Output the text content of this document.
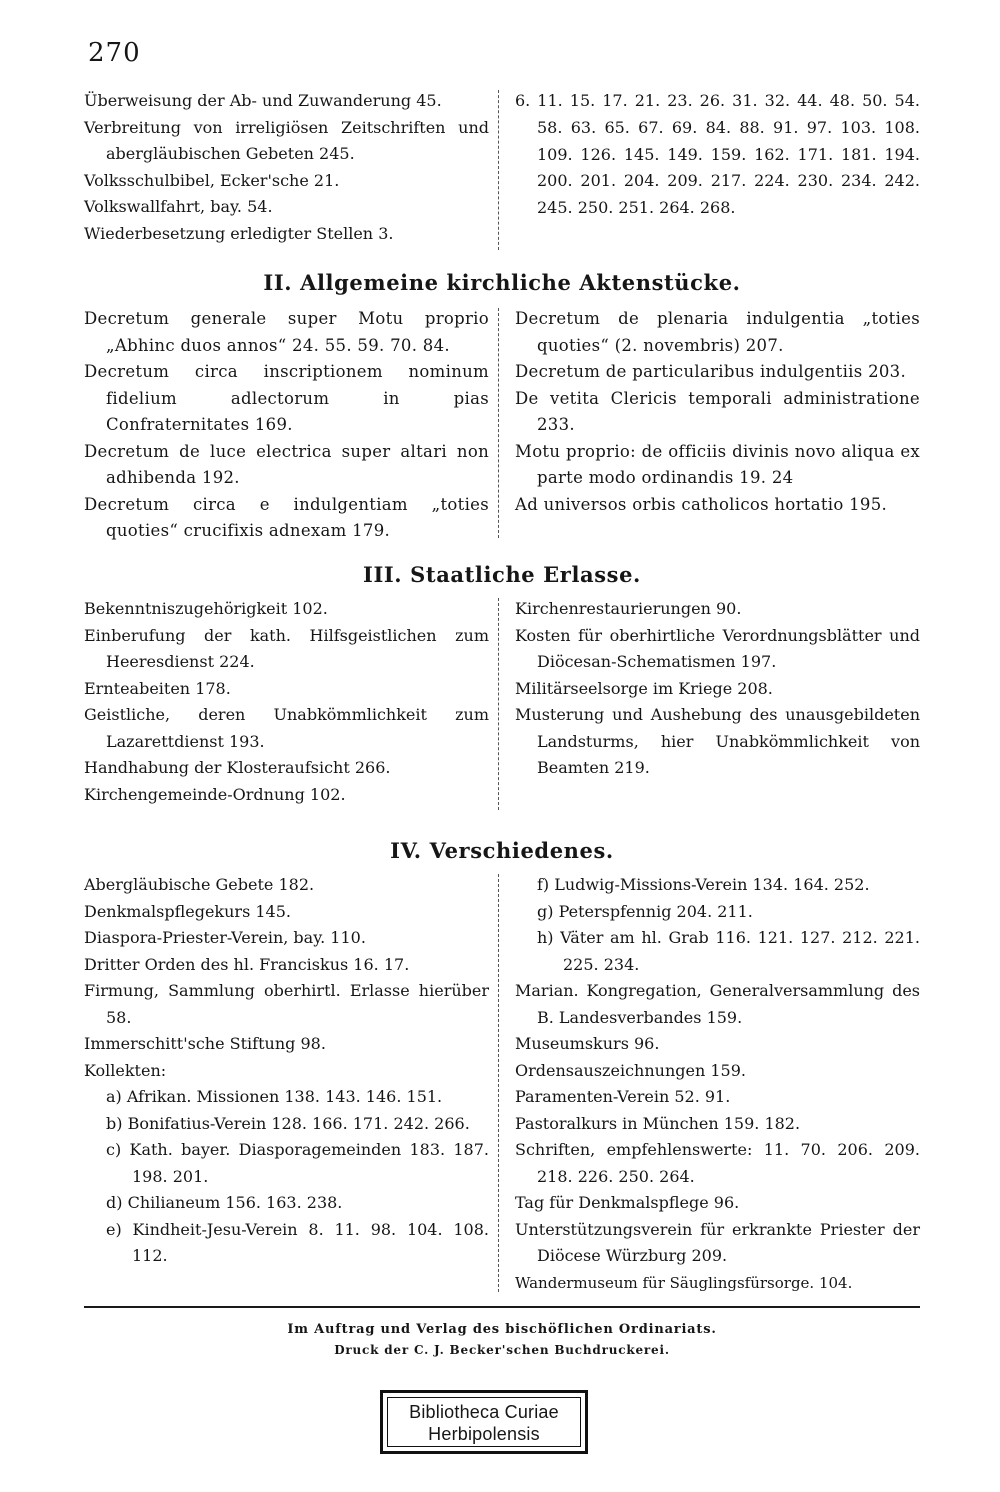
270
Überweisung der Ab- und Zuwanderung 45.
Verbreitung von irreligiösen Zeitschriften und abergläubischen Gebeten 245.
Volksschulbibel, Ecker'sche 21.
Volkswallfahrt, bay. 54.
Wiederbesetzung erledigter Stellen 3.
6. 11. 15. 17. 21. 23. 26. 31. 32. 44. 48. 50. 54. 58. 63. 65. 67. 69. 84. 88. 91. 97. 103. 108. 109. 126. 145. 149. 159. 162. 171. 181. 194. 200. 201. 204. 209. 217. 224. 230. 234. 242. 245. 250. 251. 264. 268.
II. Allgemeine kirchliche Aktenstücke.
Decretum generale super Motu proprio „Abhinc duos annos“ 24. 55. 59. 70. 84.
Decretum circa inscriptionem nominum fidelium adlectorum in pias Confraternitates 169.
Decretum de luce electrica super altari non adhibenda 192.
Decretum circa e indulgentiam „toties quoties“ crucifixis adnexam 179.
Decretum de plenaria indulgentia „toties quoties“ (2. novembris) 207.
Decretum de particularibus indulgentiis 203.
De vetita Clericis temporali administratione 233.
Motu proprio: de officiis divinis novo aliqua ex parte modo ordinandis 19. 24
Ad universos orbis catholicos hortatio 195.
III. Staatliche Erlasse.
Bekenntniszugehörigkeit 102.
Einberufung der kath. Hilfsgeistlichen zum Heeresdienst 224.
Ernteabeiten 178.
Geistliche, deren Unabkömmlichkeit zum Lazarettdienst 193.
Handhabung der Klosteraufsicht 266.
Kirchengemeinde-Ordnung 102.
Kirchenrestaurierungen 90.
Kosten für oberhirtliche Verordnungsblätter und Diöcesan-Schematismen 197.
Militärseelsorge im Kriege 208.
Musterung und Aushebung des unausgebildeten Landsturms, hier Unabkömmlichkeit von Beamten 219.
IV. Verschiedenes.
Abergläubische Gebete 182.
Denkmalspflegekurs 145.
Diaspora-Priester-Verein, bay. 110.
Dritter Orden des hl. Franciskus 16. 17.
Firmung, Sammlung oberhirtl. Erlasse hierüber 58.
Immerschitt'sche Stiftung 98.
Kollekten:
a) Afrikan. Missionen 138. 143. 146. 151.
b) Bonifatius-Verein 128. 166. 171. 242. 266.
c) Kath. bayer. Diasporagemeinden 183. 187. 198. 201.
d) Chilianeum 156. 163. 238.
e) Kindheit-Jesu-Verein 8. 11. 98. 104. 108. 112.
f) Ludwig-Missions-Verein 134. 164. 252.
g) Peterspfennig 204. 211.
h) Väter am hl. Grab 116. 121. 127. 212. 221. 225. 234.
Marian. Kongregation, Generalversammlung des B. Landesverbandes 159.
Museumskurs 96.
Ordensauszeichnungen 159.
Paramenten-Verein 52. 91.
Pastoralkurs in München 159. 182.
Schriften, empfehlenswerte: 11. 70. 206. 209. 218. 226. 250. 264.
Tag für Denkmalspflege 96.
Unterstützungsverein für erkrankte Priester der Diöcese Würzburg 209.
Wandermuseum für Säuglingsfürsorge. 104.
Im Auftrag und Verlag des bischöflichen Ordinariats.
Druck der C. J. Becker'schen Buchdruckerei.
Bibliotheca Curiae
Herbipolensis
